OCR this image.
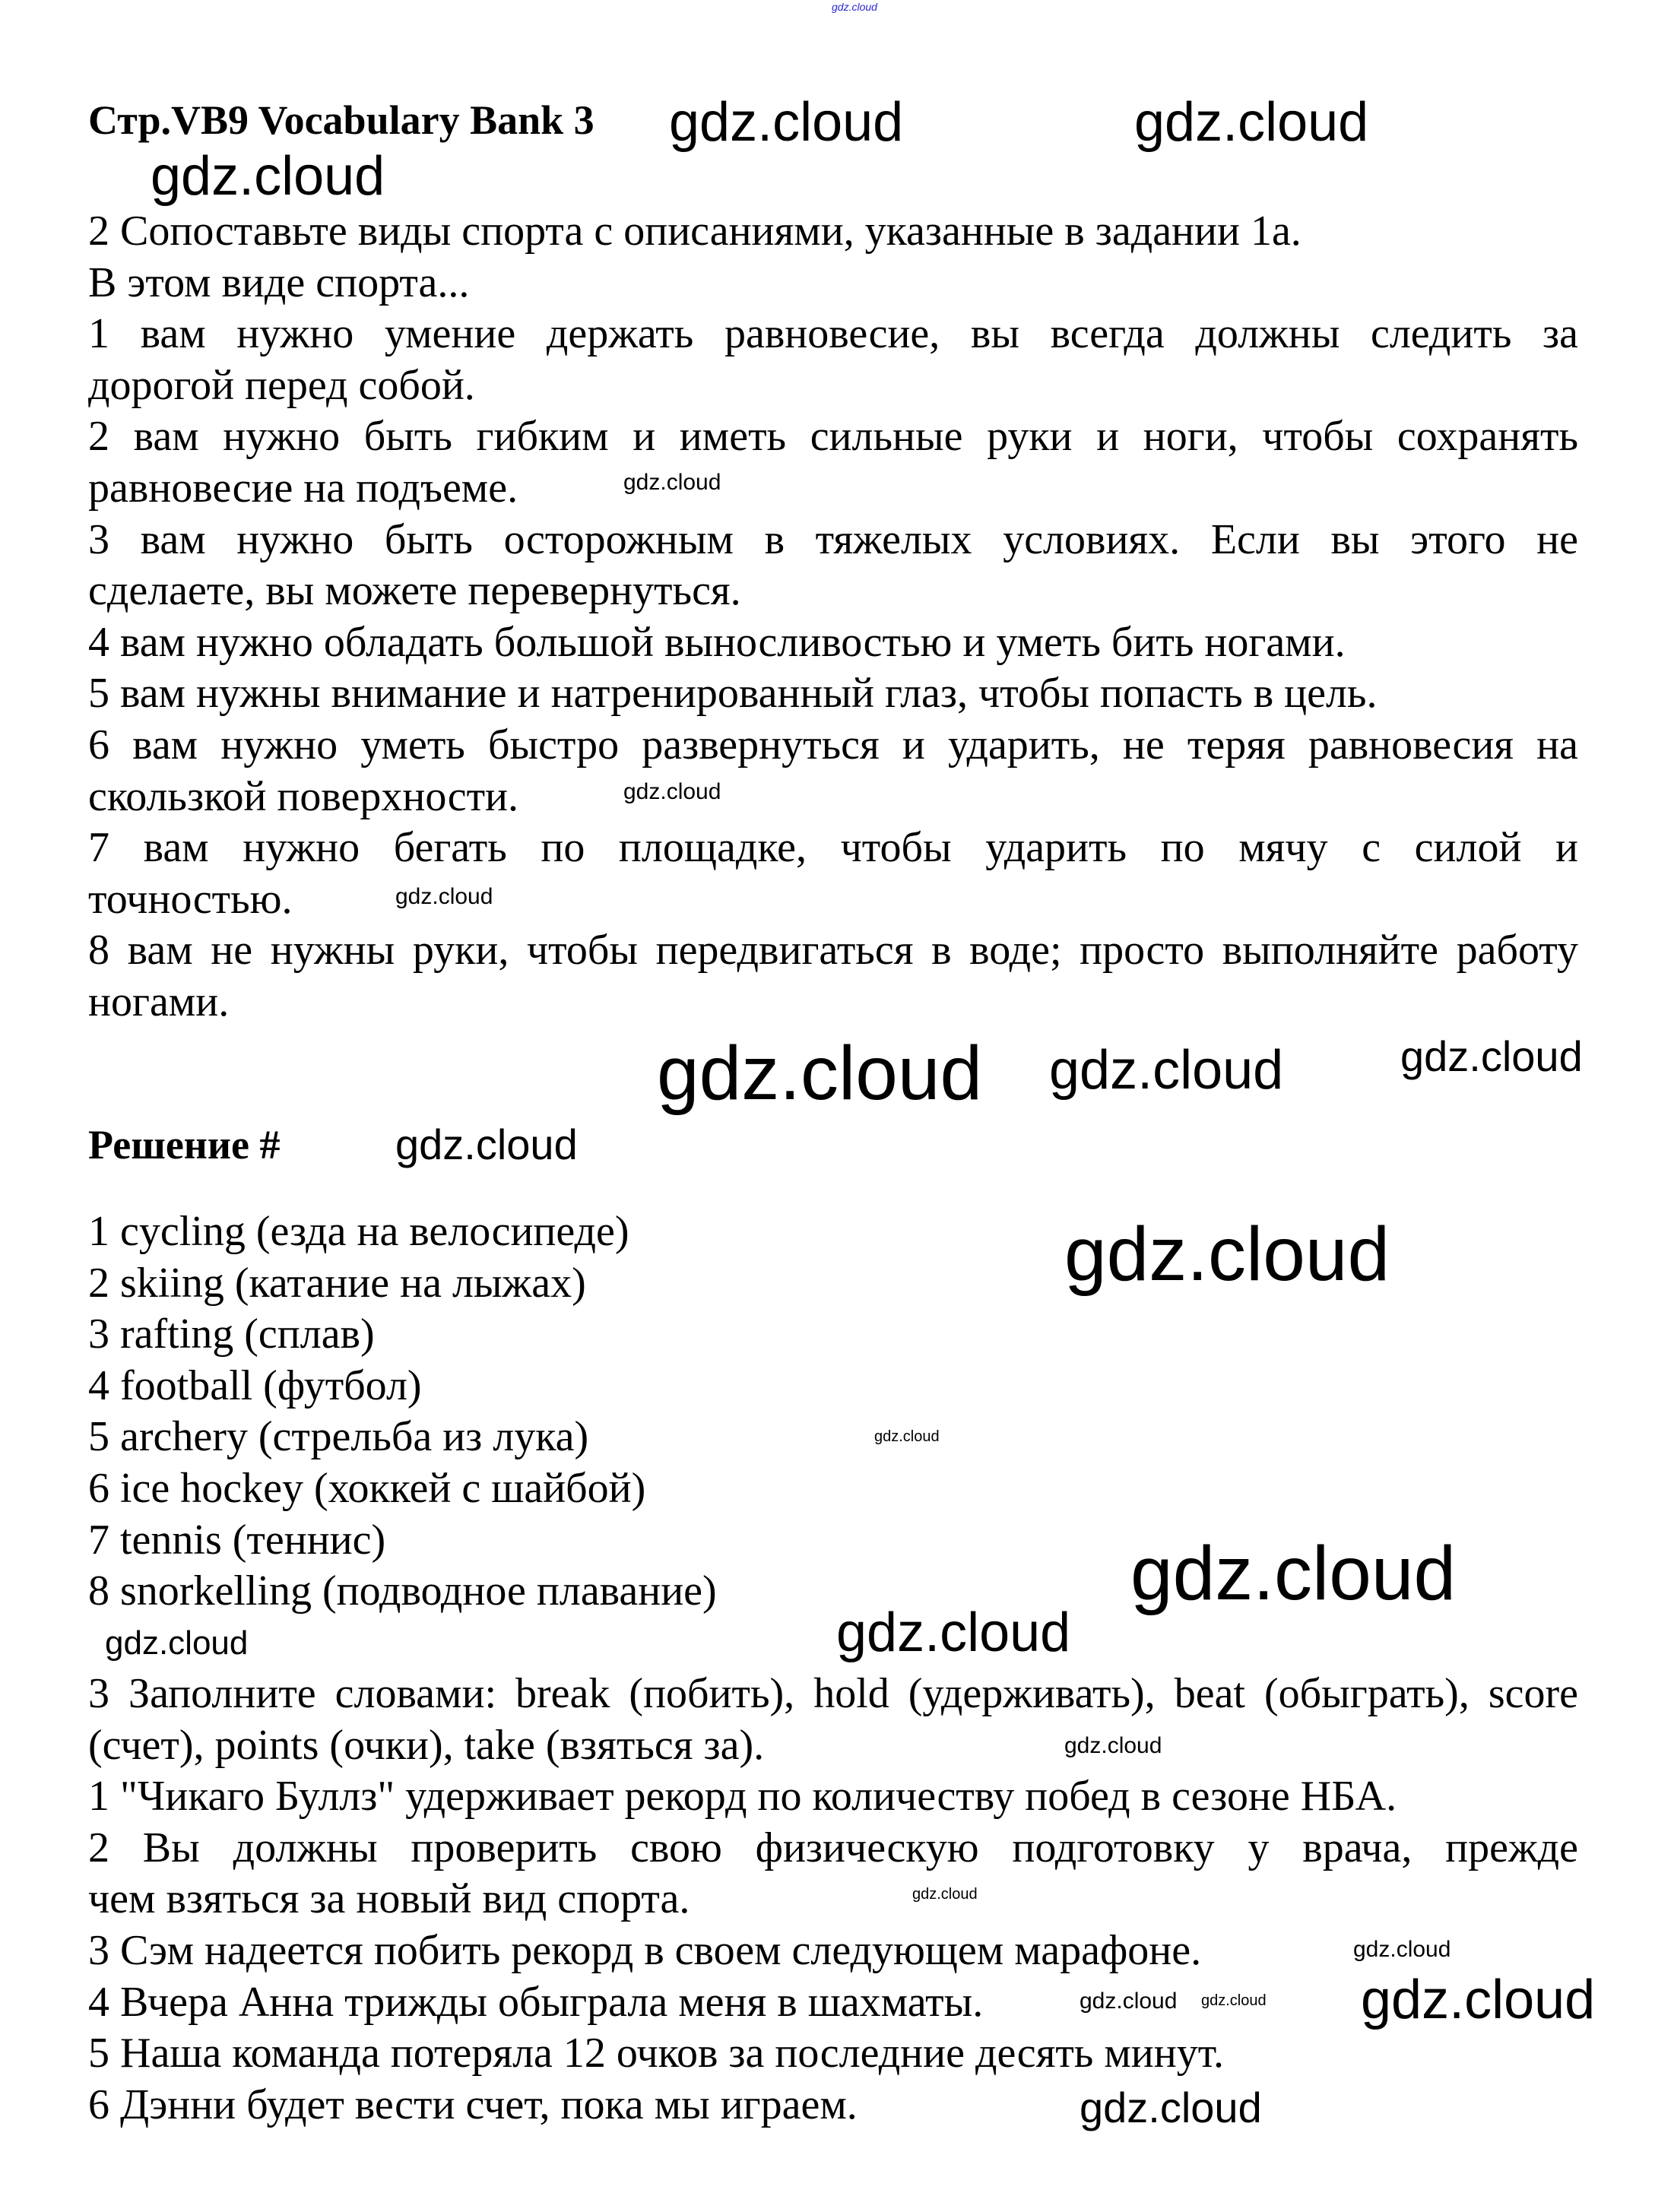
gdz.cloud
Стр.VB9 Vocabulary Bank 3
2 Сопоставьте виды спорта с описаниями, указанные в задании 1а.
В этом виде спорта...
1 вам нужно умение держать равновесие, вы всегда должны следить за
дорогой перед собой.
2 вам нужно быть гибким и иметь сильные руки и ноги, чтобы сохранять
равновесие на подъеме.
3 вам нужно быть осторожным в тяжелых условиях. Если вы этого не
сделаете, вы можете перевернуться.
4 вам нужно обладать большой выносливостью и уметь бить ногами.
5 вам нужны внимание и натренированный глаз, чтобы попасть в цель.
6 вам нужно уметь быстро развернуться и ударить, не теряя равновесия на
скользкой поверхности.
7 вам нужно бегать по площадке, чтобы ударить по мячу с силой и
точностью.
8 вам не нужны руки, чтобы передвигаться в воде; просто выполняйте работу
ногами.
Решение #
1 cycling (езда на велосипеде)
2 skiing (катание на лыжах)
3 rafting (сплав)
4 football (футбол)
5 archery (стрельба из лука)
6 ice hockey (хоккей с шайбой)
7 tennis (теннис)
8 snorkelling (подводное плавание)
3 Заполните словами: break (побить), hold (удерживать), beat (обыграть), score
(счет), points (очки), take (взяться за).
1 "Чикаго Буллз" удерживает рекорд по количеству побед в сезоне НБА.
2 Вы должны проверить свою физическую подготовку у врача, прежде
чем взяться за новый вид спорта.
3 Сэм надеется побить рекорд в своем следующем марафоне.
4 Вчера Анна трижды обыграла меня в шахматы.
5 Наша команда потеряла 12 очков за последние десять минут.
6 Дэнни будет вести счет, пока мы играем.
gdz.cloud	gdz.cloud
gdz.cloud
gdz.cloud
gdz.cloud
gdz.cloud
gdz.cloud
gdz.cloud gdz.cloud
gdz.cloud
gdz.cloud
gdz.cloud
gdz.cloud
gdz.cloud
gdz.cloud
gdz.cloud
gdz.cloud
gdz.cloud
gdz.cloud gdz.cloud gdz.cloud
gdz.cloud
